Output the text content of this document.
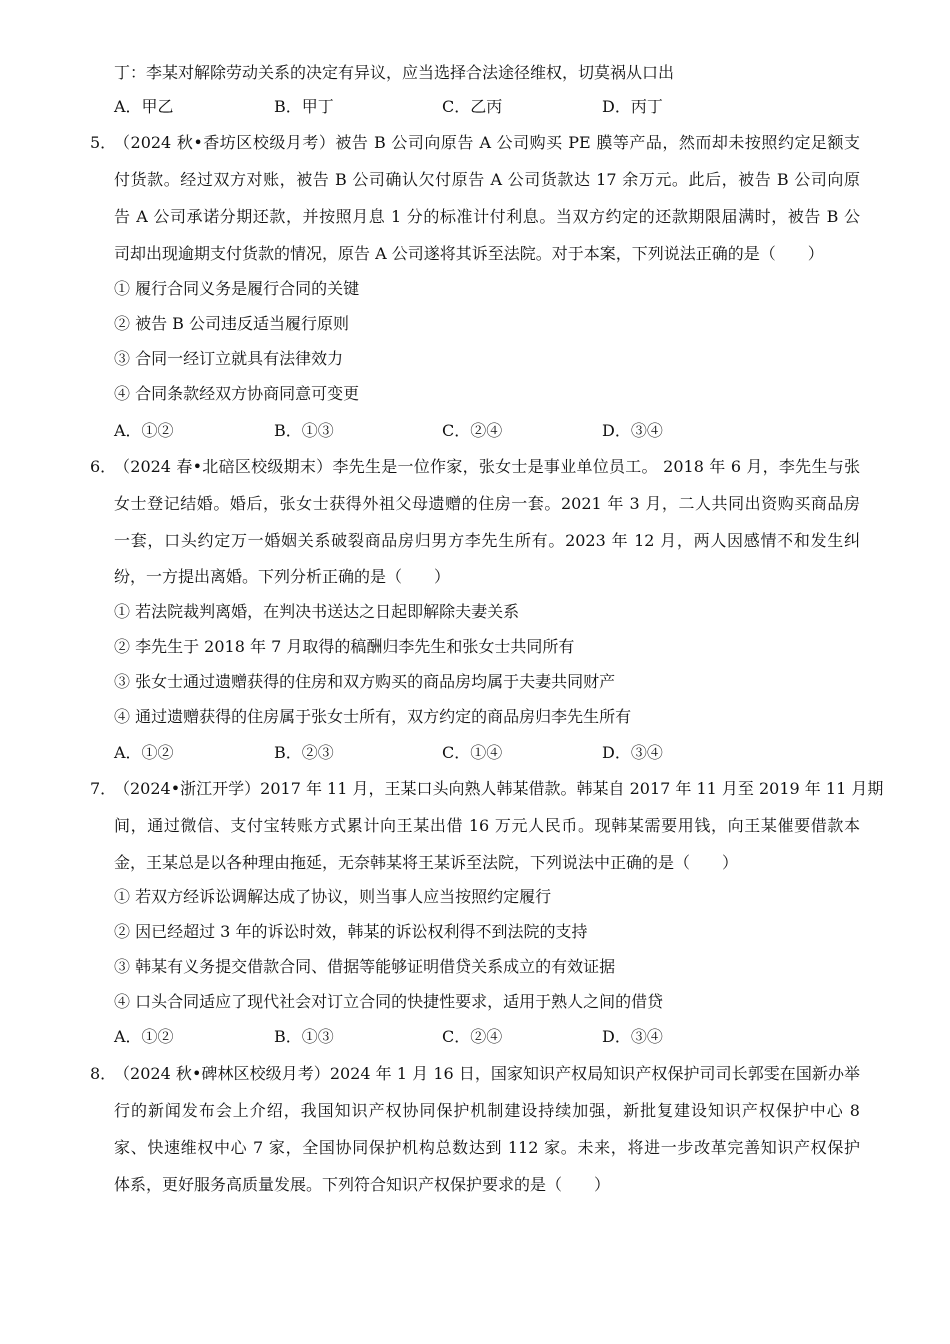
丁：李某对解除劳动关系的决定有异议，应当选择合法途径维权，切莫祸从口出
A．甲乙	B．甲丁	C．乙丙	D．丙丁
5．
（2024 秋•香坊区校级月考）被告 B 公司向原告 A 公司购买 PE 膜等产品，然而却未按照约定足额支
付货款。经过双方对账，被告 B 公司确认欠付原告 A 公司货款达 17 余万元。此后，被告 B 公司向原
告 A 公司承诺分期还款，并按照月息 1 分的标准计付利息。当双方约定的还款期限届满时，被告 B 公
司却出现逾期支付货款的情况，原告 A 公司遂将其诉至法院。对于本案，下列说法正确的是（　　）
① 履行合同义务是履行合同的关键
② 被告 B 公司违反适当履行原则
③ 合同一经订立就具有法律效力
④ 合同条款经双方协商同意可变更
A．①②	B．①③	C．②④	D．③④
6．
（2024 春•北碚区校级期末）李先生是一位作家，张女士是事业单位员工。 2018 年 6 月，李先生与张
女士登记结婚。婚后，张女士获得外祖父母遗赠的住房一套。2021 年 3 月，二人共同出资购买商品房
一套，口头约定万一婚姻关系破裂商品房归男方李先生所有。2023 年 12 月，两人因感情不和发生纠
纷，一方提出离婚。下列分析正确的是（　　）
① 若法院裁判离婚，在判决书送达之日起即解除夫妻关系
② 李先生于 2018 年 7 月取得的稿酬归李先生和张女士共同所有
③ 张女士通过遗赠获得的住房和双方购买的商品房均属于夫妻共同财产
④ 通过遗赠获得的住房属于张女士所有，双方约定的商品房归李先生所有
A．①②	B．②③	C．①④	D．③④
7．
（2024•浙江开学）2017 年 11 月，王某口头向熟人韩某借款。韩某自 2017 年 11 月至 2019 年 11 月期
间，通过微信、支付宝转账方式累计向王某出借 16 万元人民币。现韩某需要用钱，向王某催要借款本
金，王某总是以各种理由拖延，无奈韩某将王某诉至法院，下列说法中正确的是（　　）
① 若双方经诉讼调解达成了协议，则当事人应当按照约定履行
② 因已经超过 3 年的诉讼时效，韩某的诉讼权利得不到法院的支持
③ 韩某有义务提交借款合同、借据等能够证明借贷关系成立的有效证据
④ 口头合同适应了现代社会对订立合同的快捷性要求，适用于熟人之间的借贷
A．①②	B．①③	C．②④	D．③④
8．
（2024 秋•碑林区校级月考）2024 年 1 月 16 日，国家知识产权局知识产权保护司司长郭雯在国新办举
行的新闻发布会上介绍，我国知识产权协同保护机制建设持续加强，新批复建设知识产权保护中心 8
家、快速维权中心 7 家，全国协同保护机构总数达到 112 家。未来，将进一步改革完善知识产权保护
体系，更好服务高质量发展。下列符合知识产权保护要求的是（　　）
